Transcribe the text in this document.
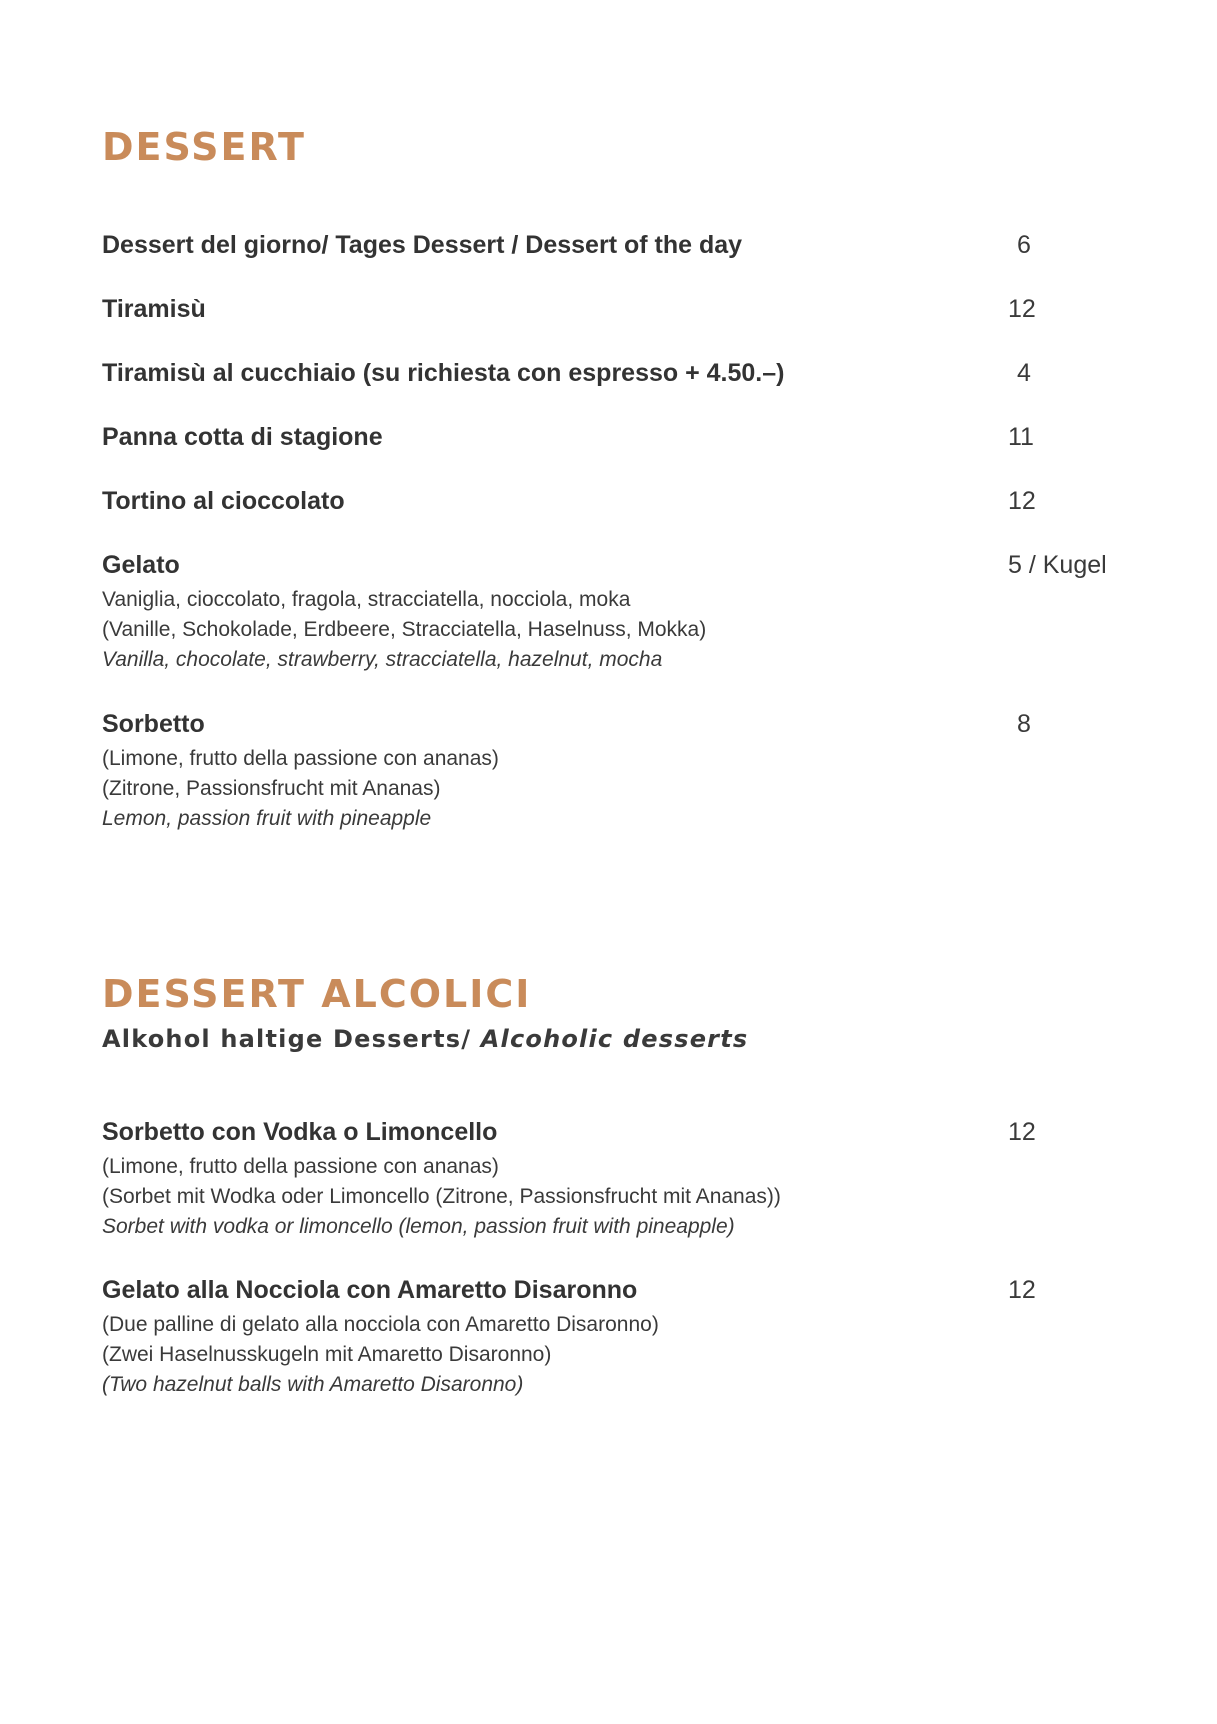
DESSERT
Dessert del giorno/ Tages Dessert / Dessert of the day	6
Tiramisù	12
Tiramisù al cucchiaio (su richiesta con espresso + 4.50.–)	4
Panna cotta di stagione	11
Tortino al cioccolato	12
Gelato	5 / Kugel
Vaniglia, cioccolato, fragola, stracciatella, nocciola, moka
(Vanille, Schokolade, Erdbeere, Stracciatella, Haselnuss, Mokka)
Vanilla, chocolate, strawberry, stracciatella, hazelnut, mocha
Sorbetto	8
(Limone, frutto della passione con ananas)
(Zitrone, Passionsfrucht mit Ananas)
Lemon, passion fruit with pineapple
DESSERT ALCOLICI
Alkohol haltige Desserts/ Alcoholic desserts
Sorbetto con Vodka o Limoncello	12
(Limone, frutto della passione con ananas)
(Sorbet mit Wodka oder Limoncello (Zitrone, Passionsfrucht mit Ananas))
Sorbet with vodka or limoncello (lemon, passion fruit with pineapple)
Gelato alla Nocciola con Amaretto Disaronno	12
(Due palline di gelato alla nocciola con Amaretto Disaronno)
(Zwei Haselnusskugeln mit Amaretto Disaronno)
(Two hazelnut balls with Amaretto Disaronno)
